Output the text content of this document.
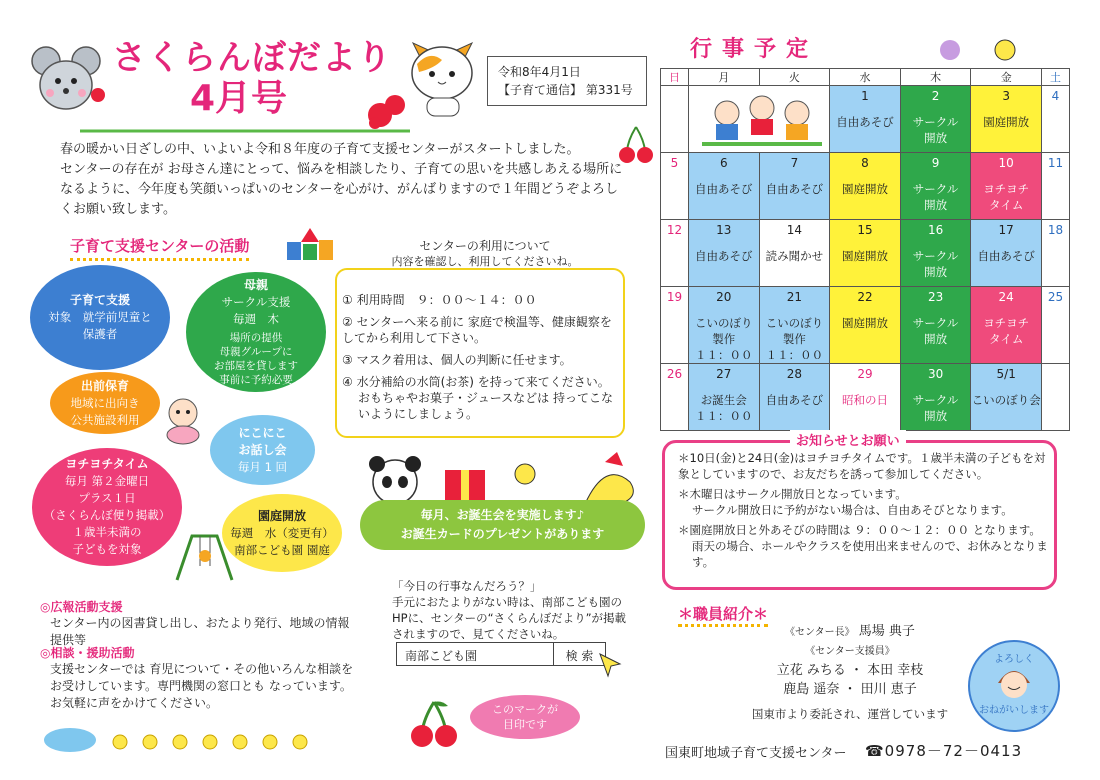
さくらんぼだより
4月号
令和8年4月1日
【子育て通信】 第331号
春の暖かい日ざしの中、いよいよ令和８年度の子育て支援センターがスタートしました。
センターの存在が お母さん達にとって、悩みを相談したり、子育ての思いを共感しあえる場所になるように、今年度も笑顔いっぱいのセンターを心がけ、がんばりますので１年間どうぞよろしくお願い致します。
子育て支援センターの活動
子育て支援
対象　就学前児童と
保護者
母親
サークル支援
毎週　木
場所の提供
母親グループに
お部屋を貸します
事前に予約必要
出前保育
地域に出向き
公共施設利用
にこにこ
お話し会
毎月 1 回
ヨチヨチタイム
毎月 第２金曜日
プラス１日
（さくらんぼ便り掲載）
１歳半未満の
子どもを対象
園庭開放
毎週　水（変更有）
南部こども園 園庭
◎広報活動支援
センター内の図書貸し出し、おたより発行、地域の情報提供等
◎相談・援助活動
支援センターでは 育児について・その他いろんな相談をお受けしています。専門機関の窓口とも なっています。お気軽に声をかけてください。
センターの利用について
内容を確認し、利用してくださいね。
① 利用時間　９：００～１４：００
② センターへ来る前に 家庭で検温等、健康観察をしてから利用して下さい。
③ マスク着用は、個人の判断に任せます。
④ 水分補給の水筒(お茶) を持って来てください。
おもちゃやお菓子・ジュースなどは 持ってこないようにしましょう。
毎月、お誕生会を実施します♪
お誕生カードのプレゼントがあります
「今日の行事なんだろう？」
手元におたよりがない時は、南部こども園のHPに、センターの“さくらんぼだより”が掲載されますので、見てくださいね。
南部こども園	検 索
このマークが
目印です
行事予定
日	月	火	水	木	金	土

			1
自由あそび	2
サークル
開放	3
園庭開放	4

5	6
自由あそび	7
自由あそび	8
園庭開放	9
サークル
開放	10
ヨチヨチ
タイム	11

12	13
自由あそび	14
読み聞かせ	15
園庭開放	16
サークル
開放	17
自由あそび	18

19	20
こいのぼり
製作
１１：００	21
こいのぼり
製作
１１：００	22
園庭開放	23
サークル
開放	24
ヨチヨチ
タイム	25

26	27
お誕生会
１１：００	28
自由あそび	29
昭和の日	30
サークル
開放	5/1
こいのぼり会	

お知らせとお願い

＊10日(金)と24日(金)はヨチヨチタイムです。１歳半未満の子どもを対象としていますので、お友だちを誘って参加してください。

＊木曜日はサークル開放日となっています。

サークル開放日に予約がない場合は、自由あそびとなります。

＊園庭開放日と外あそびの時間は ９：００～１２：００ となります。

雨天の場合、ホールやクラスを使用出来ませんので、お休みとなります。

＊職員紹介＊
《センター長》 馬場 典子
《センター支援員》
立花 みちる ・ 本田 幸枝
鹿島 遥奈 ・ 田川 恵子
国東市より委託され、運営しています
よろしく
おねがいします
国東町地域子育て支援センター ☎0978－72－0413
